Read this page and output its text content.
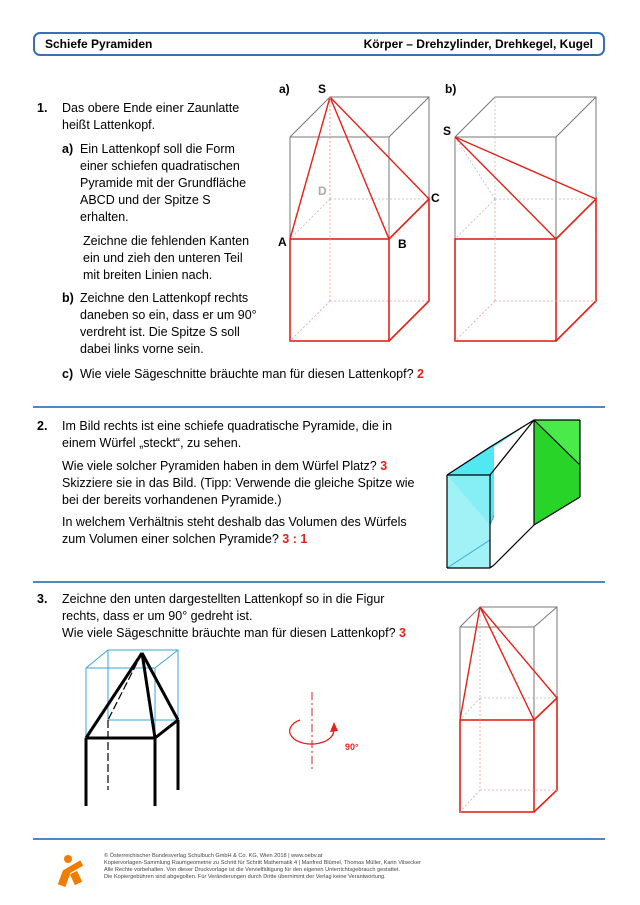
Schiefe Pyramiden	Körper – Drehzylinder, Drehkegel, Kugel
1. Das obere Ende einer Zaunlatte
heißt Lattenkopf.
a) Ein Lattenkopf soll die Form
einer schiefen quadratischen
Pyramide mit der Grundfläche
ABCD und der Spitze S
erhalten.
Zeichne die fehlenden Kanten
ein und zieh den unteren Teil
mit breiten Linien nach.
b) Zeichne den Lattenkopf rechts
daneben so ein, dass er um 90°
verdreht ist. Die Spitze S soll
dabei links vorne sein.
c) Wie viele Sägeschnitte bräuchte man für diesen Lattenkopf? 2
a)	b)
S
D	C
A	B
S
2. Im Bild rechts ist eine schiefe quadratische Pyramide, die in
einem Würfel „steckt“, zu sehen.
Wie viele solcher Pyramiden haben in dem Würfel Platz? 3
Skizziere sie in das Bild. (Tipp: Verwende die gleiche Spitze wie
bei der bereits vorhandenen Pyramide.)
In welchem Verhältnis steht deshalb das Volumen des Würfels
zum Volumen einer solchen Pyramide? 3 : 1
3. Zeichne den unten dargestellten Lattenkopf so in die Figur
rechts, dass er um 90° gedreht ist.
Wie viele Sägeschnitte bräuchte man für diesen Lattenkopf? 3
90°
© Österreichischer Bundesverlag Schulbuch GmbH & Co. KG, Wien 2018 | www.oebv.at
Kopiervorlagen-Sammlung Raumgeometrie zu Schritt für Schritt Mathematik 4 | Manfred Blümel, Thomas Müller, Karin Vilsecker
Alle Rechte vorbehalten. Von dieser Druckvorlage ist die Vervielfältigung für den eigenen Unterrichtsgebrauch gestattet.
Die Kopiergebühren sind abgegolten. Für Veränderungen durch Dritte übernimmt der Verlag keine Verantwortung.
